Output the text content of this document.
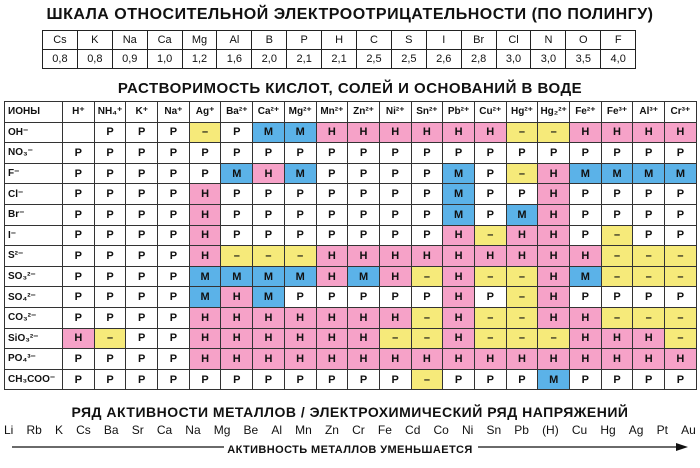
ШКАЛА ОТНОСИТЕЛЬНОЙ ЭЛЕКТРООТРИЦАТЕЛЬНОСТИ (ПО ПОЛИНГУ)
Cs	K	Na	Ca	Mg	Al	B	P	H	C	S	I	Br	Cl	N	O	F
0,8	0,8	0,9	1,0	1,2	1,6	2,0	2,1	2,1	2,5	2,5	2,6	2,8	3,0	3,0	3,5	4,0
РАСТВОРИМОСТЬ КИСЛОТ, СОЛЕЙ И ОСНОВАНИЙ В ВОДЕ
ИОНЫ	H⁺	NH₄⁺	K⁺	Na⁺	Ag⁺	Ba²⁺	Ca²⁺	Mg²⁺	Mn²⁺	Zn²⁺	Ni²⁺	Sn²⁺	Pb²⁺	Cu²⁺	Hg²⁺	Hg₂²⁺	Fe²⁺	Fe³⁺	Al³⁺	Cr³⁺
OH⁻		Р	Р	Р	–	Р	М	М	Н	Н	Н	Н	Н	Н	–	–	Н	Н	Н	Н
NO₃⁻	Р	Р	Р	Р	Р	Р	Р	Р	Р	Р	Р	Р	Р	Р	Р	Р	Р	Р	Р	Р
F⁻	Р	Р	Р	Р	Р	М	Н	М	Р	Р	Р	Р	М	Р	–	Н	М	М	М	М
Cl⁻	Р	Р	Р	Р	Н	Р	Р	Р	Р	Р	Р	Р	М	Р	Р	Н	Р	Р	Р	Р
Br⁻	Р	Р	Р	Р	Н	Р	Р	Р	Р	Р	Р	Р	М	Р	М	Н	Р	Р	Р	Р
I⁻	Р	Р	Р	Р	Н	Р	Р	Р	Р	Р	Р	Р	Н	–	Н	Н	Р	–	Р	Р
S²⁻	Р	Р	Р	Р	Н	–	–	–	Н	Н	Н	Н	Н	Н	Н	Н	Н	–	–	–
SO₃²⁻	Р	Р	Р	Р	М	М	М	М	Н	М	Н	–	Н	–	–	Н	М	–	–	–
SO₄²⁻	Р	Р	Р	Р	М	Н	М	Р	Р	Р	Р	Р	Н	Р	–	Н	Р	Р	Р	Р
CO₃²⁻	Р	Р	Р	Р	Н	Н	Н	Н	Н	Н	Н	–	Н	–	–	Н	Н	–	–	–
SiO₃²⁻	Н	–	Р	Р	Н	Н	Н	Н	Н	Н	–	–	Н	–	–	–	Н	Н	Н	–
PO₄³⁻	Р	Р	Р	Р	Н	Н	Н	Н	Н	Н	Н	Н	Н	Н	Н	Н	Н	Н	Н	Н
CH₃COO⁻	Р	Р	Р	Р	Р	Р	Р	Р	Р	Р	Р	–	Р	Р	Р	М	Р	Р	Р	Р
РЯД АКТИВНОСТИ МЕТАЛЛОВ / ЭЛЕКТРОХИМИЧЕСКИЙ РЯД НАПРЯЖЕНИЙ
Li Rb K Cs Ba Sr Ca Na Mg Be Al Mn Zn Cr Fe Cd Co Ni Sn Pb (H) Cu Hg Ag Pt Au
АКТИВНОСТЬ МЕТАЛЛОВ УМЕНЬШАЕТСЯ
